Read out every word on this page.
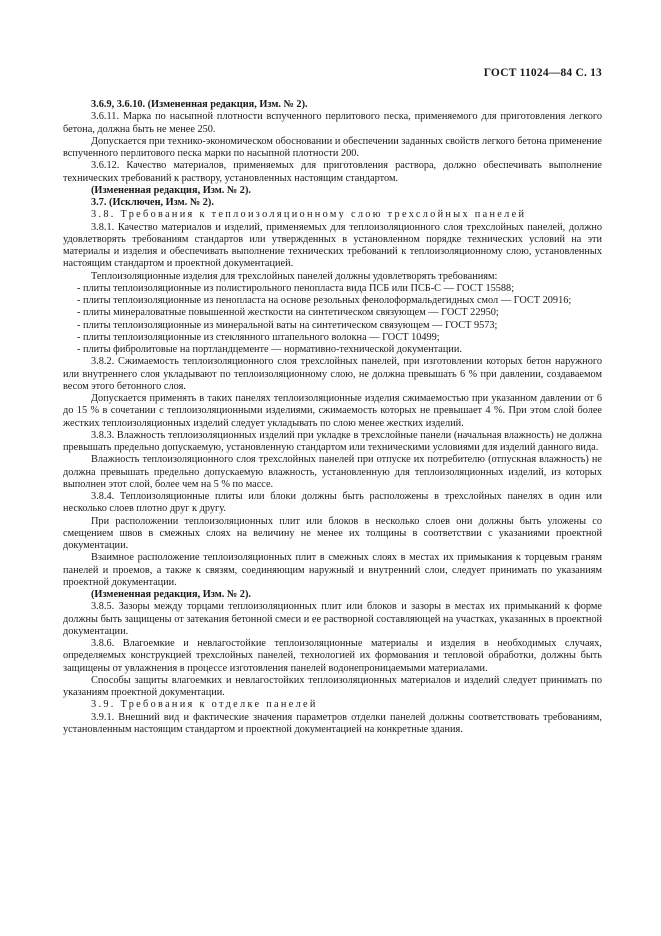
ГОСТ 11024—84 С. 13

3.6.9, 3.6.10. (Измененная редакция, Изм. № 2).

3.6.11. Марка по насыпной плотности вспученного перлитового песка, применяемого для приготовления легкого бетона, должна быть не менее 250.

Допускается при технико-экономическом обосновании и обеспечении заданных свойств легкого бетона применение вспученного перлитового песка марки по насыпной плотности 200.

3.6.12. Качество материалов, применяемых для приготовления раствора, должно обеспечивать выполнение технических требований к раствору, установленных настоящим стандартом.

(Измененная редакция, Изм. № 2).

3.7. (Исключен, Изм. № 2).

3.8. Требования к теплоизоляционному слою трехслойных панелей

3.8.1. Качество материалов и изделий, применяемых для теплоизоляционного слоя трехслойных панелей, должно удовлетворять требованиям стандартов или утвержденных в установленном порядке технических условий на эти материалы и изделия и обеспечивать выполнение технических требований к теплоизоляционному слою, установленных настоящим стандартом и проектной документацией.

Теплоизоляционные изделия для трехслойных панелей должны удовлетворять требованиям:

- плиты теплоизоляционные из полистирольного пенопласта вида ПСБ или ПСБ-С — ГОСТ 15588;

- плиты теплоизоляционные из пенопласта на основе резольных фенолоформальдегидных смол — ГОСТ 20916;

- плиты минераловатные повышенной жесткости на синтетическом связующем — ГОСТ 22950;

- плиты теплоизоляционные из минеральной ваты на синтетическом связующем — ГОСТ 9573;

- плиты теплоизоляционные из стеклянного штапельного волокна — ГОСТ 10499;

- плиты фибролитовые на портландцементе — нормативно-технической документации.

3.8.2. Сжимаемость теплоизоляционного слоя трехслойных панелей, при изготовлении которых бетон наружного или внутреннего слоя укладывают по теплоизоляционному слою, не должна превышать 6 % при давлении, создаваемом весом этого бетонного слоя.

Допускается применять в таких панелях теплоизоляционные изделия сжимаемостью при указанном давлении от 6 до 15 % в сочетании с теплоизоляционными изделиями, сжимаемость которых не превышает 4 %. При этом слой более жестких теплоизоляционных изделий следует укладывать по слою менее жестких изделий.

3.8.3. Влажность теплоизоляционных изделий при укладке в трехслойные панели (начальная влажность) не должна превышать предельно допускаемую, установленную стандартом или техническими условиями для изделий данного вида.

Влажность теплоизоляционного слоя трехслойных панелей при отпуске их потребителю (отпускная влажность) не должна превышать предельно допускаемую влажность, установленную для теплоизоляционных изделий, из которых выполнен этот слой, более чем на 5 % по массе.

3.8.4. Теплоизоляционные плиты или блоки должны быть расположены в трехслойных панелях в один или несколько слоев плотно друг к другу.

При расположении теплоизоляционных плит или блоков в несколько слоев они должны быть уложены со смещением швов в смежных слоях на величину не менее их толщины в соответствии с указаниями проектной документации.

Взаимное расположение теплоизоляционных плит в смежных слоях в местах их примыкания к торцевым граням панелей и проемов, а также к связям, соединяющим наружный и внутренний слои, следует принимать по указаниям проектной документации.

(Измененная редакция, Изм. № 2).

3.8.5. Зазоры между торцами теплоизоляционных плит или блоков и зазоры в местах их примыканий к форме должны быть защищены от затекания бетонной смеси и ее растворной составляющей на участках, указанных в проектной документации.

3.8.6. Влагоемкие и невлагостойкие теплоизоляционные материалы и изделия в необходимых случаях, определяемых конструкцией трехслойных панелей, технологией их формования и тепловой обработки, должны быть защищены от увлажнения в процессе изготовления панелей водонепроницаемыми материалами.

Способы защиты влагоемких и невлагостойких теплоизоляционных материалов и изделий следует принимать по указаниям проектной документации.

3.9. Требования к отделке панелей

3.9.1. Внешний вид и фактические значения параметров отделки панелей должны соответствовать требованиям, установленным настоящим стандартом и проектной документацией на конкретные здания.
